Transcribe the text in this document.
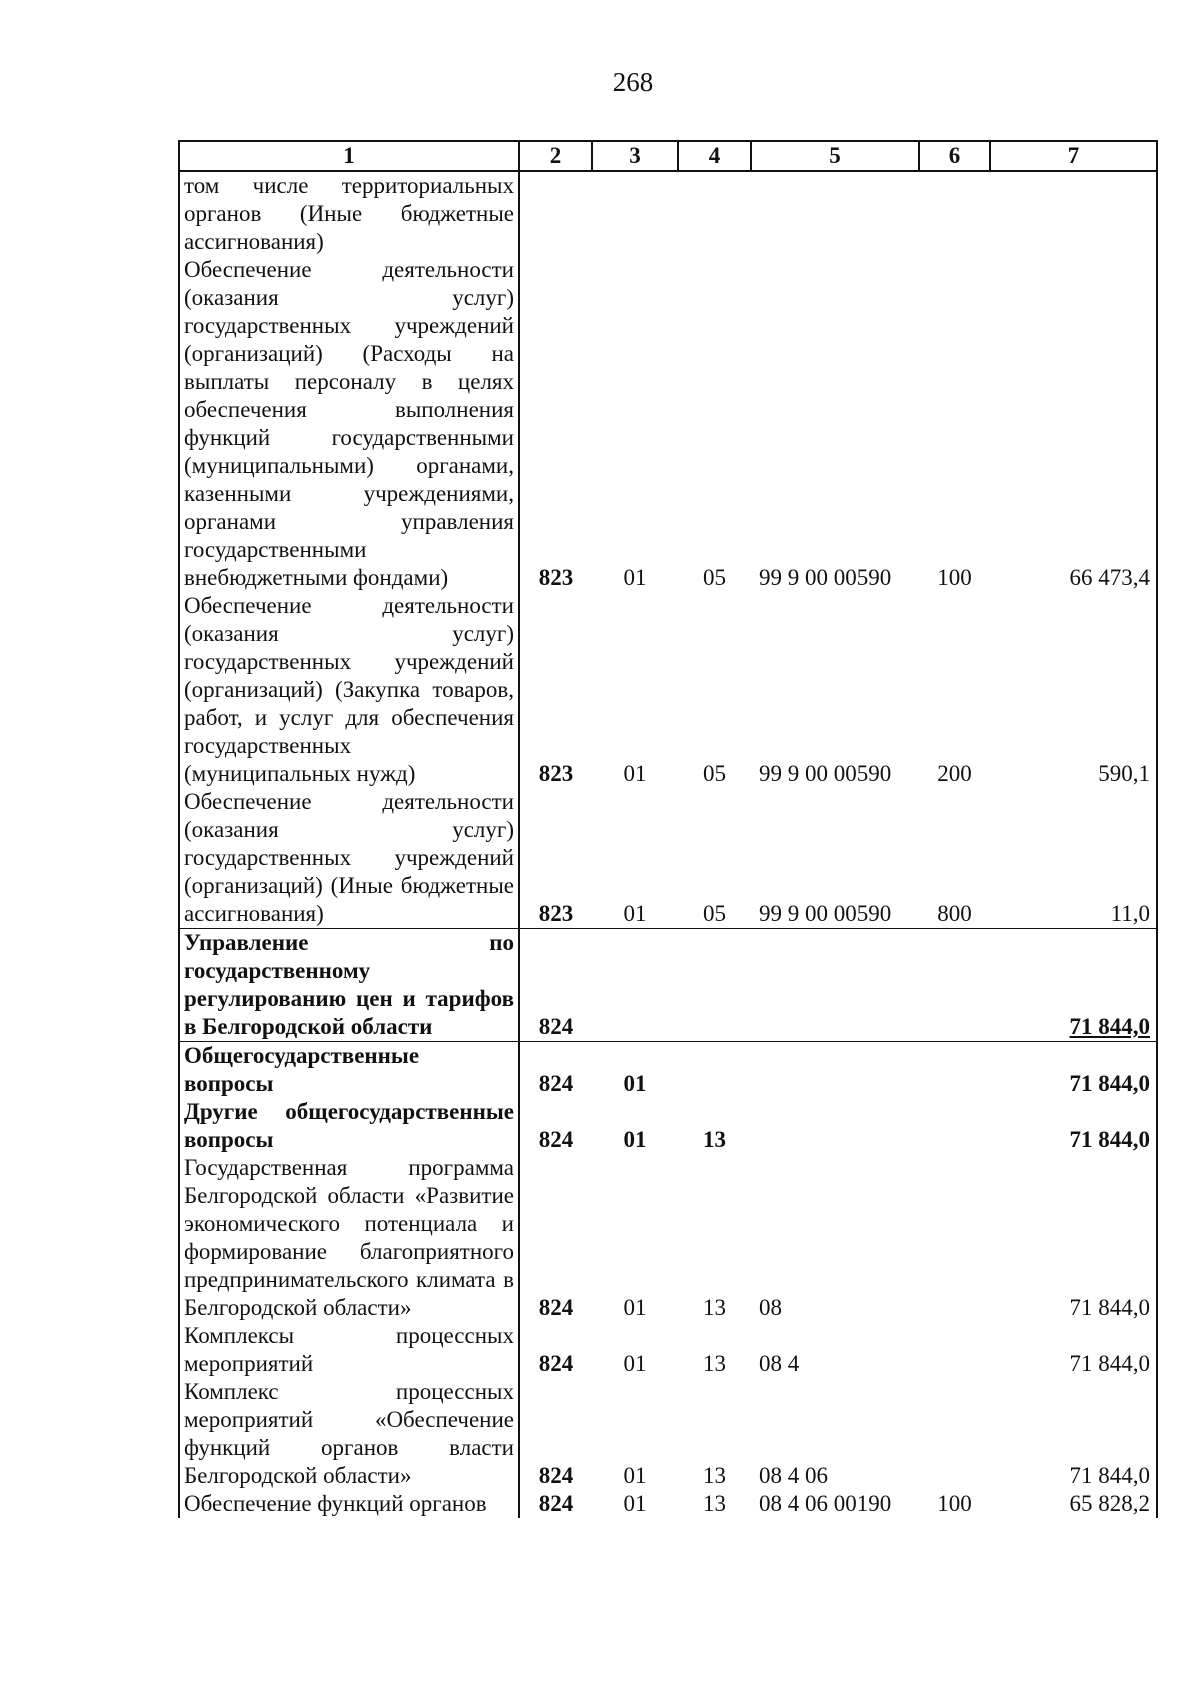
268
1	2	3	4	5	6	7
том числе территориальных органов (Иные бюджетные ассигнования)						
Обеспечение деятельности (оказания услуг) государственных учреждений (организаций) (Расходы на выплаты персоналу в целях обеспечения выполнения функций государственными (муниципальными) органами, казенными учреждениями, органами управления государственными внебюджетными фондами)	823	01	05	99 9 00 00590	100	66 473,4
Обеспечение деятельности (оказания услуг) государственных учреждений (организаций) (Закупка товаров, работ, и услуг для обеспечения государственных (муниципальных нужд)	823	01	05	99 9 00 00590	200	590,1
Обеспечение деятельности (оказания услуг) государственных учреждений (организаций) (Иные бюджетные ассигнования)	823	01	05	99 9 00 00590	800	11,0
Управление по государственному регулированию цен и тарифов в Белгородской области	824					71 844,0
Общегосударственные вопросы	824	01				71 844,0
Другие общегосударственные вопросы	824	01	13			71 844,0
Государственная программа Белгородской области «Развитие экономического потенциала и формирование благоприятного предпринимательского климата в Белгородской области»	824	01	13	08		71 844,0
Комплексы процессных мероприятий	824	01	13	08 4		71 844,0
Комплекс процессных мероприятий «Обеспечение функций органов власти Белгородской области»	824	01	13	08 4 06		71 844,0
Обеспечение функций органов	824	01	13	08 4 06 00190	100	65 828,2
